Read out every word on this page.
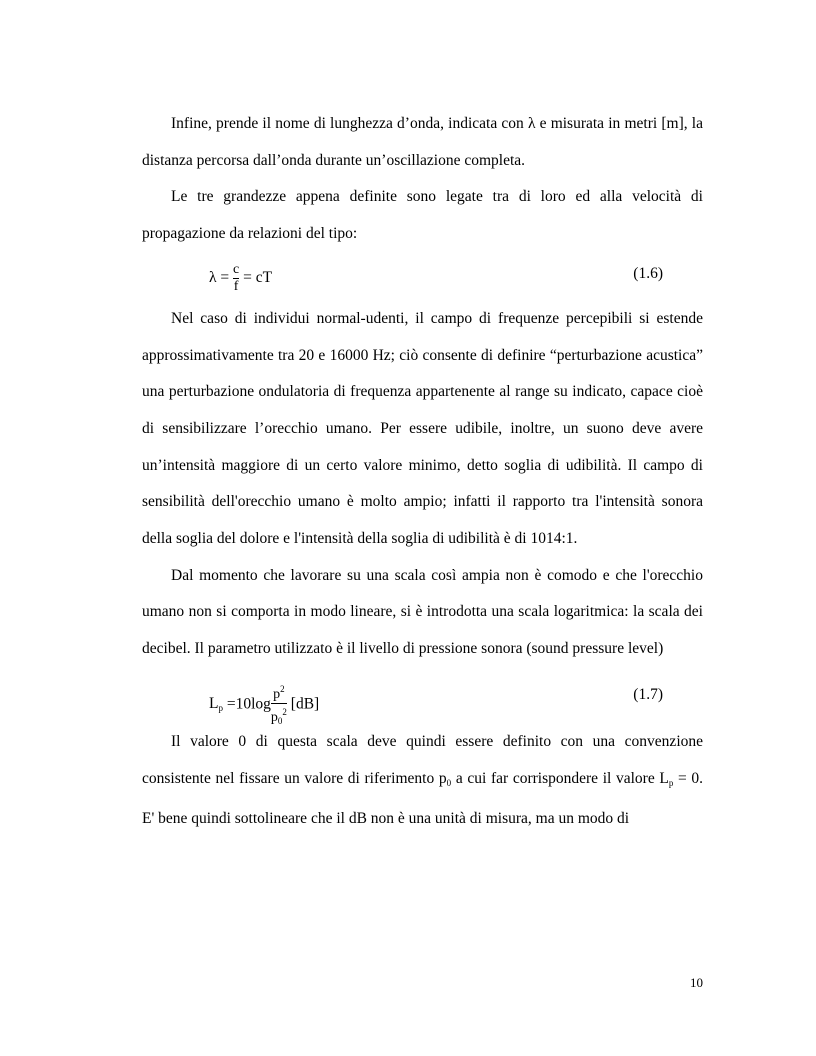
Infine, prende il nome di lunghezza d’onda, indicata con λ e misurata in metri [m], la distanza percorsa dall’onda durante un’oscillazione completa.

Le tre grandezze appena definite sono legate tra di loro ed alla velocità di propagazione da relazioni del tipo:

$\lambda = \frac{c}{f}$ = cT	(1.6)

Nel caso di individui normal-udenti, il campo di frequenze percepibili si estende approssimativamente tra 20 e 16000 Hz; ciò consente di definire “perturbazione acustica” una perturbazione ondulatoria di frequenza appartenente al range su indicato, capace cioè di sensibilizzare l’orecchio umano. Per essere udibile, inoltre, un suono deve avere un’intensità maggiore di un certo valore minimo, detto soglia di udibilità. Il campo di sensibilità dell'orecchio umano è molto ampio; infatti il rapporto tra l'intensità sonora della soglia del dolore e l'intensità della soglia di udibilità è di 1014:1.

Dal momento che lavorare su una scala così ampia non è comodo e che l'orecchio umano non si comporta in modo lineare, si è introdotta una scala logaritmica: la scala dei decibel. Il parametro utilizzato è il livello di pressione sonora (sound pressure level)

$L_p =10\log \frac{p^2}{p_0^2} [dB]$
(1.7)

Il valore 0 di questa scala deve quindi essere definito con una convenzione consistente nel fissare un valore di riferimento $p_0$ a cui far corrispondere il valore $L_p = 0$. E' bene quindi sottolineare che il dB non è una unità di misura, ma un modo di

10
